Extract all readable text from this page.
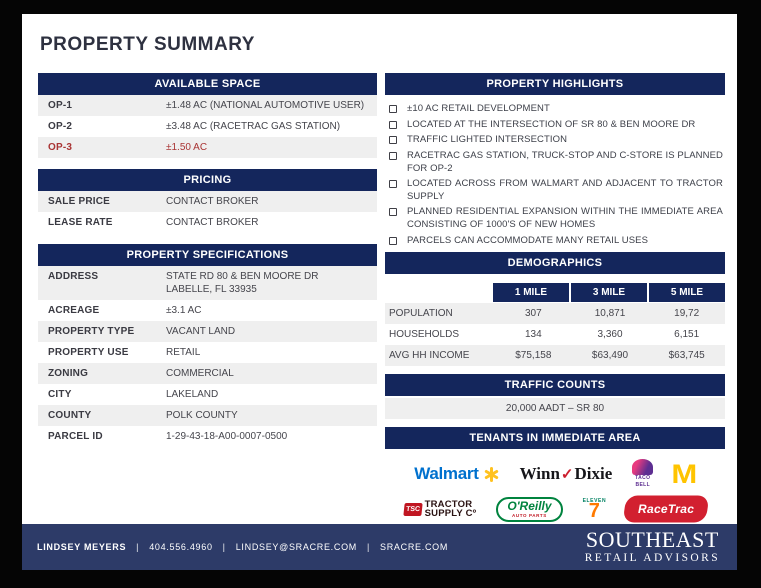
PROPERTY SUMMARY
AVAILABLE SPACE
OP-1	±1.48 AC (NATIONAL AUTOMOTIVE USER)
OP-2	±3.48 AC (RACETRAC GAS STATION)
OP-3	±1.50 AC
PRICING
SALE PRICE	CONTACT BROKER
LEASE RATE	CONTACT BROKER
PROPERTY SPECIFICATIONS
ADDRESS	STATE RD 80 & BEN MOORE DR
LABELLE, FL 33935
ACREAGE	±3.1 AC
PROPERTY TYPE	VACANT LAND
PROPERTY USE	RETAIL
ZONING	COMMERCIAL
CITY	LAKELAND
COUNTY	POLK COUNTY
PARCEL ID	1-29-43-18-A00-0007-0500
PROPERTY HIGHLIGHTS
±10 AC RETAIL DEVELOPMENT
LOCATED AT THE INTERSECTION OF SR 80 & BEN MOORE DR
TRAFFIC LIGHTED INTERSECTION
RACETRAC GAS STATION, TRUCK-STOP AND C-STORE IS PLANNED FOR OP-2
LOCATED ACROSS FROM WALMART AND ADJACENT TO TRACTOR SUPPLY
PLANNED RESIDENTIAL EXPANSION WITHIN THE IMMEDIATE AREA CONSISTING OF 1000'S OF NEW HOMES
PARCELS CAN ACCOMMODATE MANY RETAIL USES
DEMOGRAPHICS
1 MILE	3 MILE	5 MILE
POPULATION	307	10,871	19,72
HOUSEHOLDS	134	3,360	6,151
AVG HH INCOME	$75,158	$63,490	$63,745
TRAFFIC COUNTS
20,000 AADT – SR 80
TENANTS IN IMMEDIATE AREA
Walmart Winn ✓ Dixie	TACO
BELL M
TSC TRACTOR
SUPPLY Cº
O'Reilly
AUTO PARTS
ELEVEN
7	RaceTrac
LINDSEY MEYERS | 404.556.4960 | LINDSEY@SRACRE.COM | SRACRE.COM	SOUTHEAST
RETAIL ADVISORS
